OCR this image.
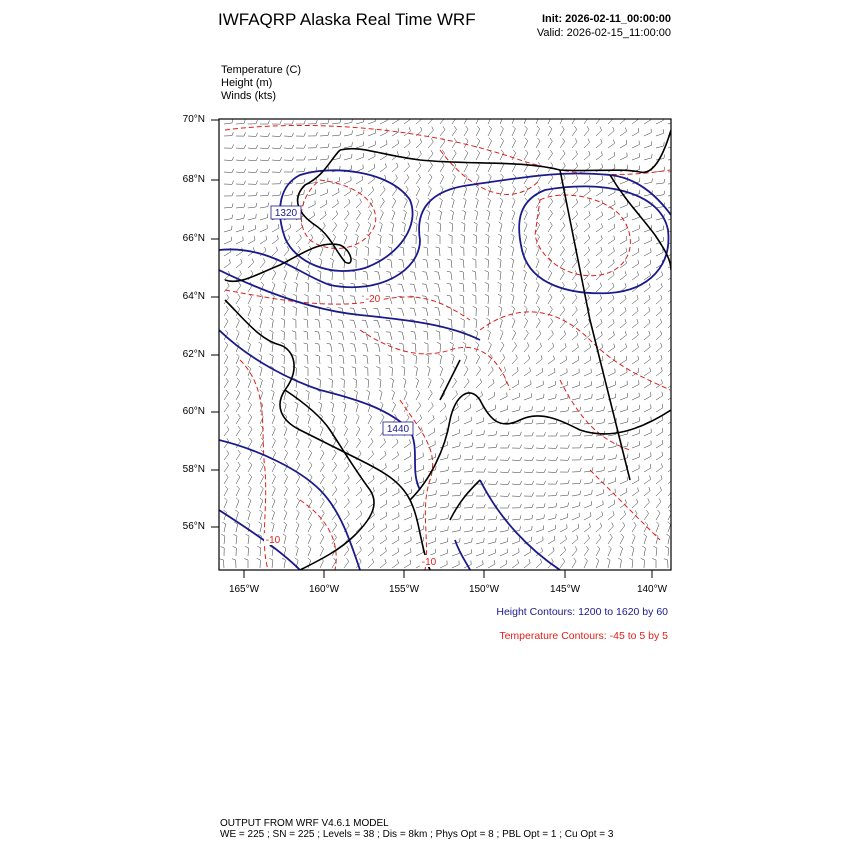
IWFAQRP Alaska Real Time WRF	Init: 2026-02-11_00:00:00
Valid: 2026-02-15_11:00:00
Temperature (C)
Height (m)
Winds (kts)
1320
1440
-20
-10
-10
70°N
68°N
66°N
64°N
62°N
60°N
58°N
56°N
165°W	160°W	155°W	150°W	145°W	140°W
Height Contours: 1200 to 1620 by 60
Temperature Contours: -45 to 5 by 5
OUTPUT FROM WRF V4.6.1 MODEL
WE = 225 ; SN = 225 ; Levels = 38 ; Dis = 8km ; Phys Opt = 8 ; PBL Opt = 1 ; Cu Opt = 3
